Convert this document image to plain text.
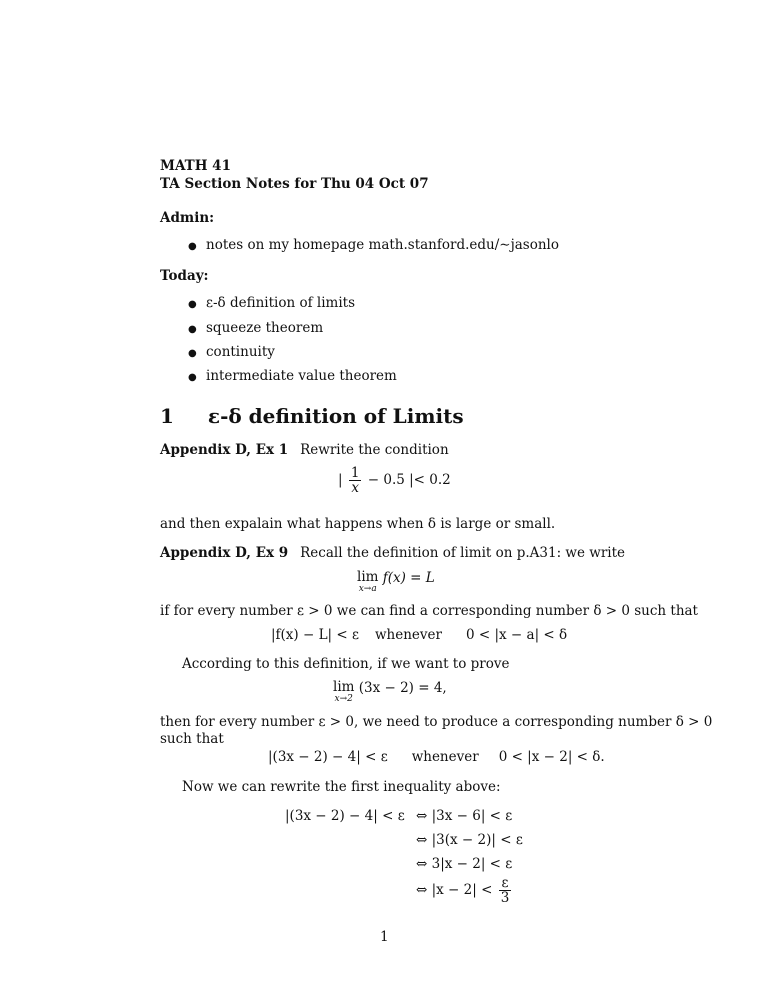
MATH 41
TA Section Notes for Thu 04 Oct 07
Admin:
● notes on my homepage math.stanford.edu/∼jasonlo
Today:
● ε-δ definition of limits
● squeeze theorem
● continuity
● intermediate value theorem
1 ε-δ definition of Limits
Appendix D, Ex 1 Rewrite the condition
| $\frac{1}{x} - 0.5$ |< 0.2
and then expalain what happens when δ is large or small.
Appendix D, Ex 9 Recall the definition of limit on p.A31: we write
lim
x→a
f(x) = L
if for every number ε > 0 we can find a corresponding number δ > 0 such that
|f(x) − L| < ε whenever 0 < |x − a| < δ
According to this definition, if we want to prove
lim
x→2
(3x − 2) = 4,
then for every number ε > 0, we need to produce a corresponding number δ > 0
such that
|(3x − 2) − 4| < ε whenever 0 < |x − 2| < δ.
Now we can rewrite the first inequality above:
|(3x − 2) − 4| < ε ⇔ |3x − 6| < ε
⇔ |3(x − 2)| < ε
⇔ 3|x − 2| < ε
⇔ $|x - 2| < \frac{\varepsilon}{3}$
1
